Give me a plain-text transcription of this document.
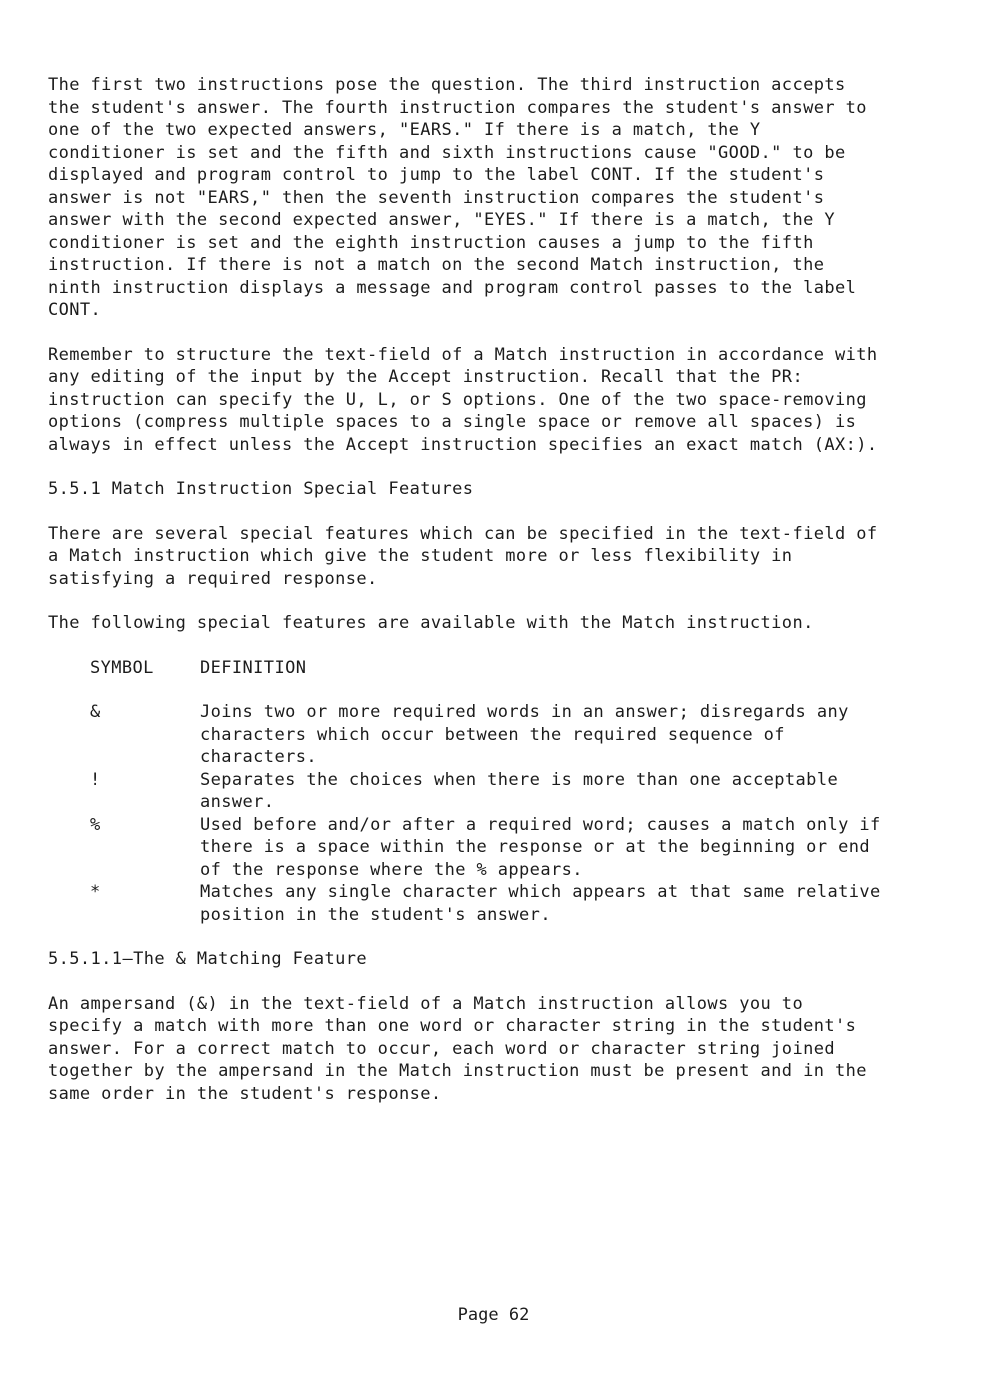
The first two instructions pose the question. The third instruction accepts
the student's answer. The fourth instruction compares the student's answer to
one of the two expected answers, "EARS." If there is a match, the Y
conditioner is set and the fifth and sixth instructions cause "GOOD." to be
displayed and program control to jump to the label CONT. If the student's
answer is not "EARS," then the seventh instruction compares the student's
answer with the second expected answer, "EYES." If there is a match, the Y
conditioner is set and the eighth instruction causes a jump to the fifth
instruction. If there is not a match on the second Match instruction, the
ninth instruction displays a message and program control passes to the label
CONT.

Remember to structure the text-field of a Match instruction in accordance with
any editing of the input by the Accept instruction. Recall that the PR:
instruction can specify the U, L, or S options. One of the two space-removing
options (compress multiple spaces to a single space or remove all spaces) is
always in effect unless the Accept instruction specifies an exact match (AX:).

5.5.1 Match Instruction Special Features

There are several special features which can be specified in the text-field of
a Match instruction which give the student more or less flexibility in
satisfying a required response.

The following special features are available with the Match instruction.

SYMBOL	DEFINITION
&	Joins two or more required words in an answer; disregards any
characters which occur between the required sequence of
characters.
!	Separates the choices when there is more than one acceptable
answer.
%	Used before and/or after a required word; causes a match only if
there is a space within the response or at the beginning or end
of the response where the % appears.
*	Matches any single character which appears at that same relative
position in the student's answer.
5.5.1.1—The & Matching Feature

An ampersand (&) in the text-field of a Match instruction allows you to
specify a match with more than one word or character string in the student's
answer. For a correct match to occur, each word or character string joined
together by the ampersand in the Match instruction must be present and in the
same order in the student's response.

Page 62
